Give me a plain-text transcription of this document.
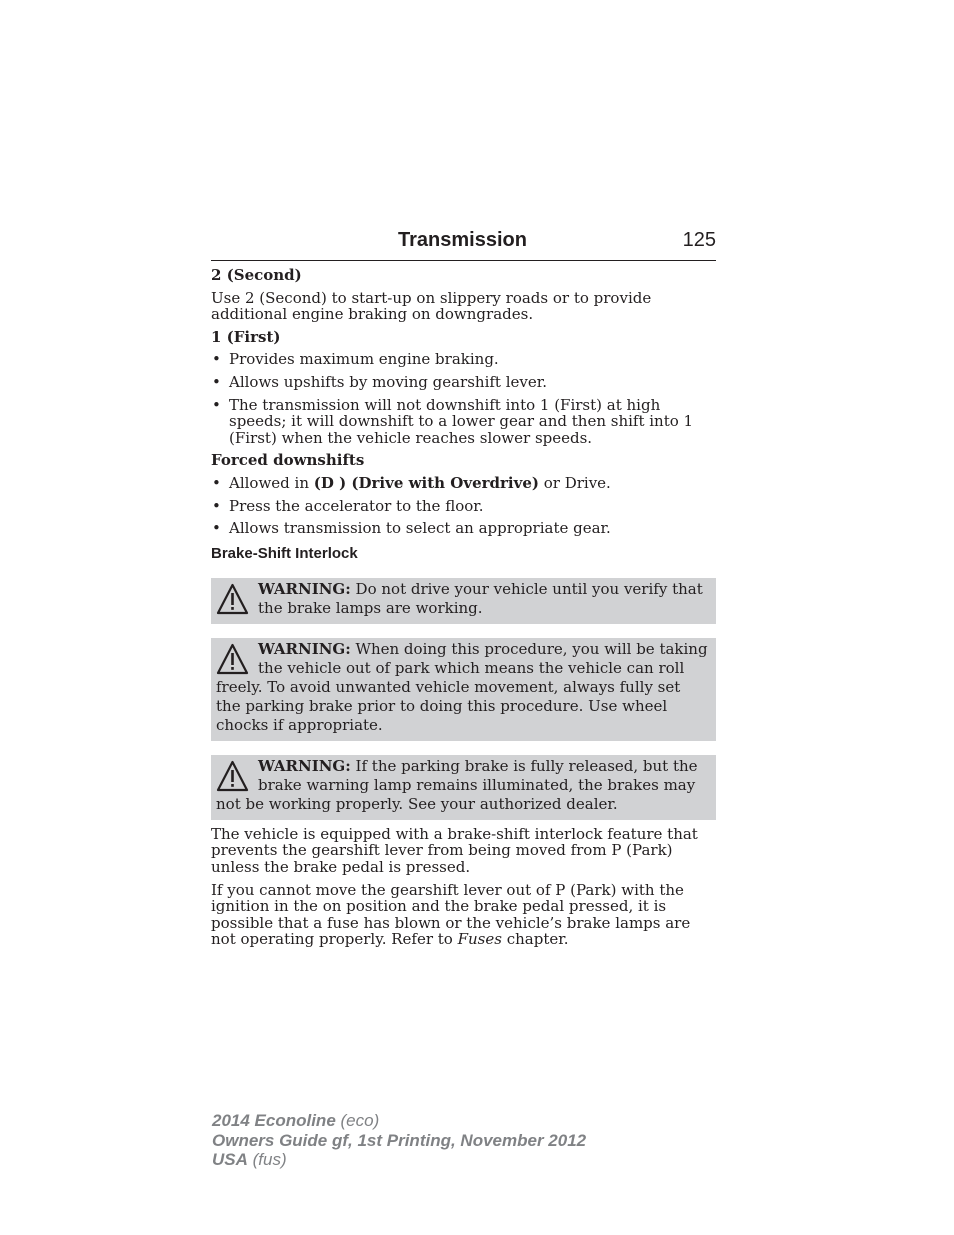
Transmission	125

2 (Second)

Use 2 (Second) to start-up on slippery roads or to provide additional engine braking on downgrades.

1 (First)

• Provides maximum engine braking.
• Allows upshifts by moving gearshift lever.
• The transmission will not downshift into 1 (First) at high speeds; it will downshift to a lower gear and then shift into 1 (First) when the vehicle reaches slower speeds.

Forced downshifts

• Allowed in (D ) (Drive with Overdrive) or Drive.
• Press the accelerator to the floor.
• Allows transmission to select an appropriate gear.

Brake-Shift Interlock

WARNING: Do not drive your vehicle until you verify that the brake lamps are working.
WARNING: When doing this procedure, you will be taking the vehicle out of park which means the vehicle can roll freely. To avoid unwanted vehicle movement, always fully set the parking brake prior to doing this procedure. Use wheel chocks if appropriate.
WARNING: If the parking brake is fully released, but the brake warning lamp remains illuminated, the brakes may not be working properly. See your authorized dealer.

The vehicle is equipped with a brake-shift interlock feature that prevents the gearshift lever from being moved from P (Park) unless the brake pedal is pressed.

If you cannot move the gearshift lever out of P (Park) with the ignition in the on position and the brake pedal pressed, it is possible that a fuse has blown or the vehicle’s brake lamps are not operating properly. Refer to Fuses chapter.

2014 Econoline (eco)
Owners Guide gf, 1st Printing, November 2012
USA (fus)
